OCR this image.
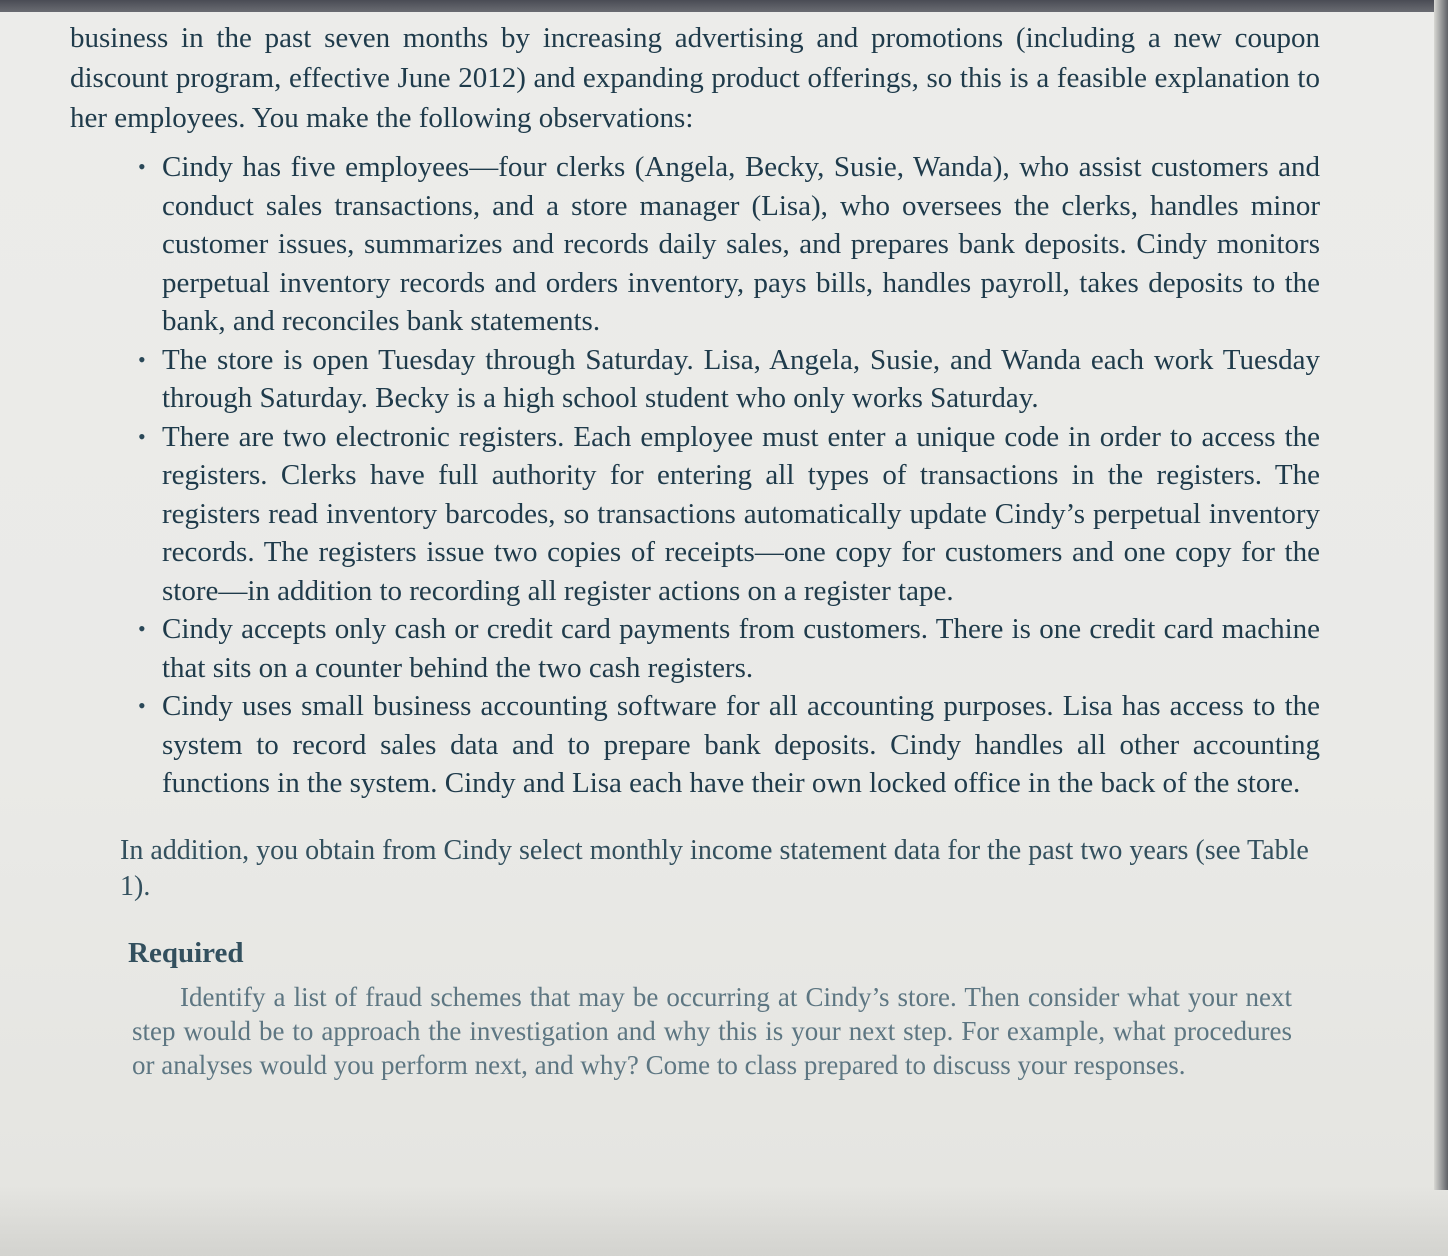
business in the past seven months by increasing advertising and promotions (including a new coupon discount program, effective June 2012) and expanding product offerings, so this is a feasible explanation to her employees. You make the following observations:

• Cindy has five employees—four clerks (Angela, Becky, Susie, Wanda), who assist customers and conduct sales transactions, and a store manager (Lisa), who oversees the clerks, handles minor customer issues, summarizes and records daily sales, and prepares bank deposits. Cindy monitors perpetual inventory records and orders inventory, pays bills, handles payroll, takes deposits to the bank, and reconciles bank statements.
• The store is open Tuesday through Saturday. Lisa, Angela, Susie, and Wanda each work Tuesday through Saturday. Becky is a high school student who only works Saturday.
• There are two electronic registers. Each employee must enter a unique code in order to access the registers. Clerks have full authority for entering all types of transactions in the registers. The registers read inventory barcodes, so transactions automatically update Cindy’s perpetual inventory records. The registers issue two copies of receipts—one copy for customers and one copy for the store—in addition to recording all register actions on a register tape.
• Cindy accepts only cash or credit card payments from customers. There is one credit card machine that sits on a counter behind the two cash registers.
• Cindy uses small business accounting software for all accounting purposes. Lisa has access to the system to record sales data and to prepare bank deposits. Cindy handles all other accounting functions in the system. Cindy and Lisa each have their own locked office in the back of the store.

In addition, you obtain from Cindy select monthly income statement data for the past two years (see Table 1).

Required

Identify a list of fraud schemes that may be occurring at Cindy’s store. Then consider what your next step would be to approach the investigation and why this is your next step. For example, what procedures or analyses would you perform next, and why? Come to class prepared to discuss your responses.
